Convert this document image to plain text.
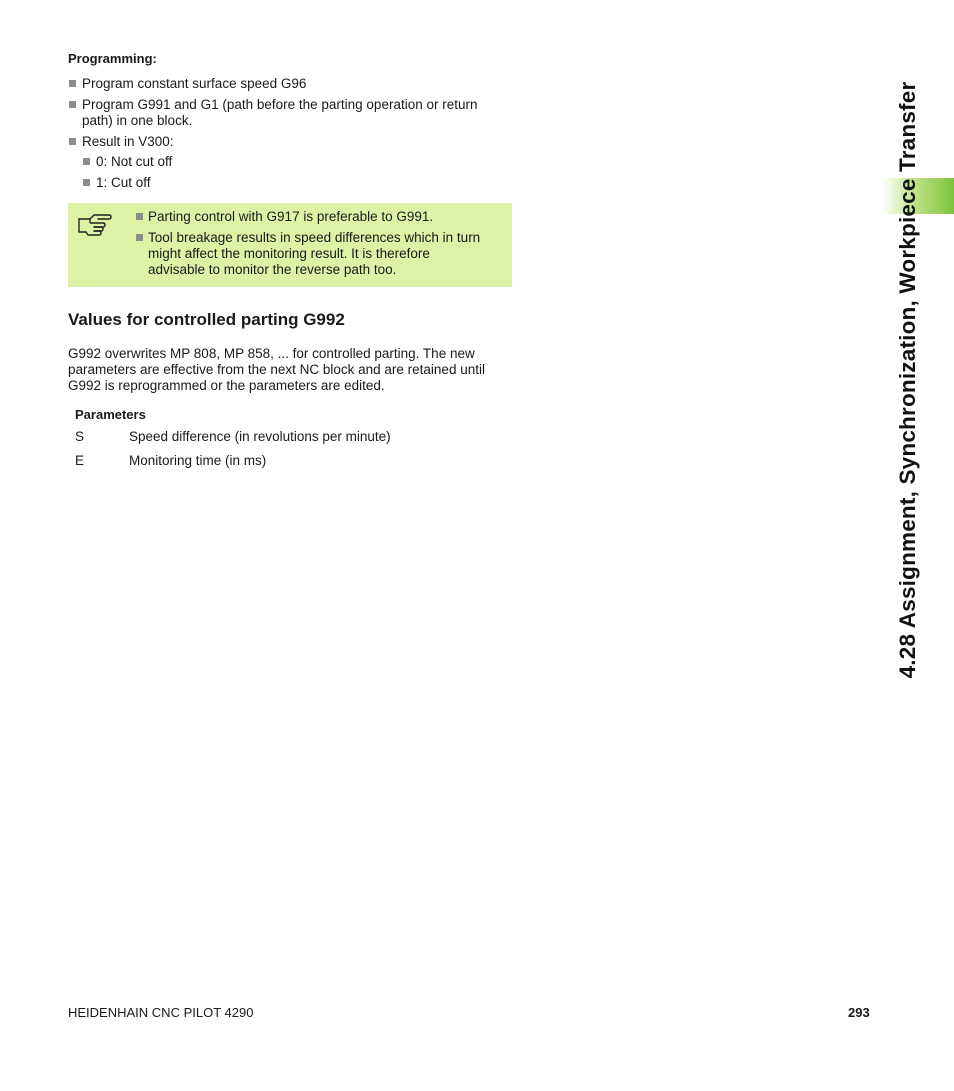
Programming:
Program constant surface speed G96
Program G991 and G1 (path before the parting operation or return
path) in one block.
Result in V300:
0: Not cut off
1: Cut off
Parting control with G917 is preferable to G991.
Tool breakage results in speed differences which in turn
might affect the monitoring result. It is therefore
advisable to monitor the reverse path too.
Values for controlled parting G992
G992 overwrites MP 808, MP 858, ... for controlled parting. The new
parameters are effective from the next NC block and are retained until
G992 is reprogrammed or the parameters are edited.
Parameters
S	Speed difference (in revolutions per minute)
E	Monitoring time (in ms)	4.28 Assignment, Synchronization, Workpiece Transfer
HEIDENHAIN CNC PILOT 4290	293
